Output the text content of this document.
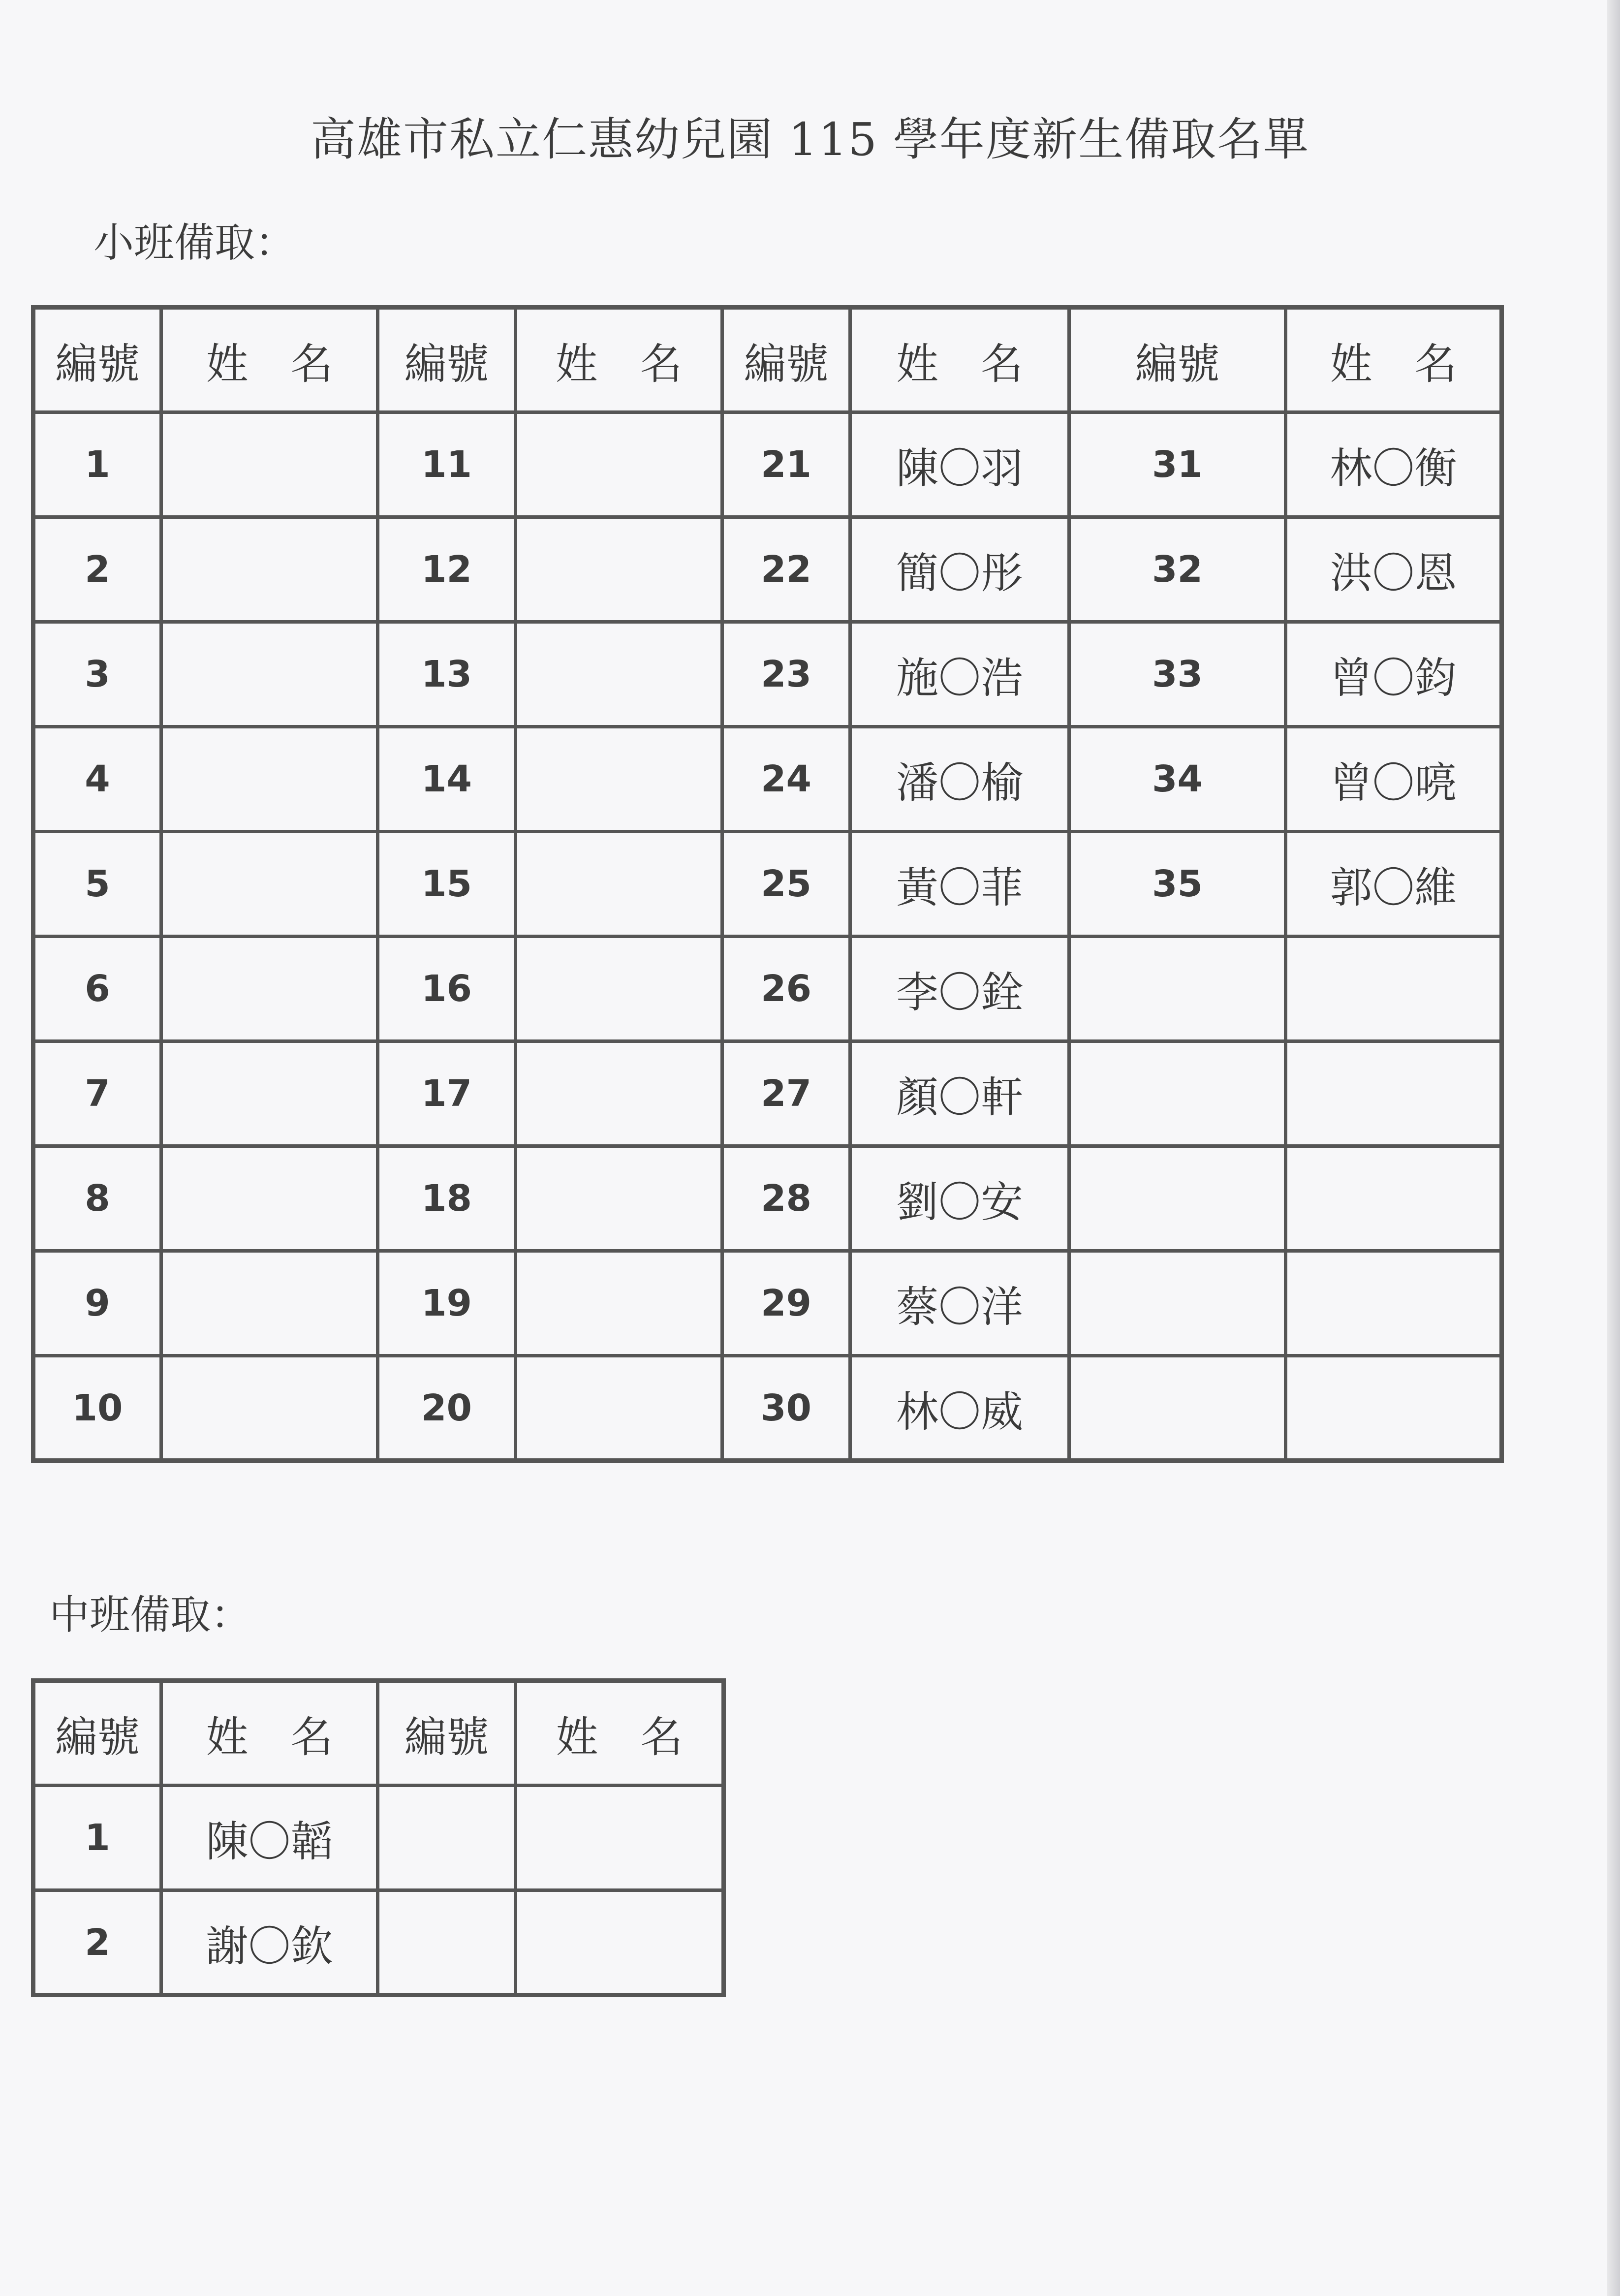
高雄市私立仁惠幼兒園 115 學年度新生備取名單
小班備取：
編號	姓　名	編號	姓　名	編號	姓　名	編號	姓　名
1		11		21	陳〇羽	31	林〇衡
2		12		22	簡〇彤	32	洪〇恩
3		13		23	施〇浩	33	曾〇鈞
4		14		24	潘〇榆	34	曾〇喨
5		15		25	黃〇菲	35	郭〇維
6		16		26	李〇銓		
7		17		27	顏〇軒		
8		18		28	劉〇安		
9		19		29	蔡〇洋		
10		20		30	林〇威		
中班備取：
編號	姓　名	編號	姓　名
1	陳〇韜		
2	謝〇欽		
